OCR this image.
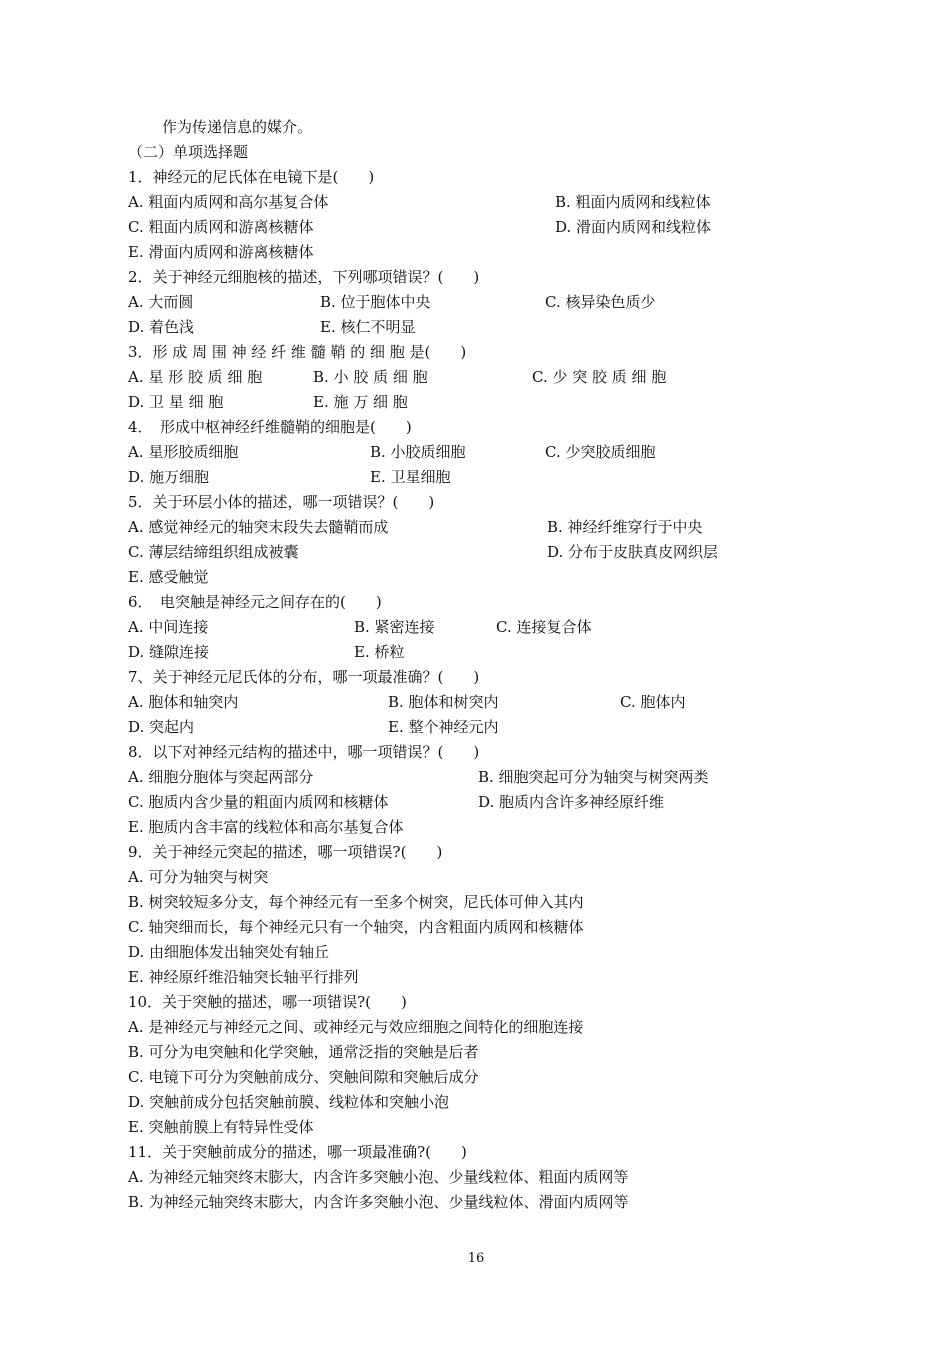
作为传递信息的媒介。
（二）单项选择题
1．神经元的尼氏体在电镜下是(　　)
A. 粗面内质网和高尔基复合体	B. 粗面内质网和线粒体
C. 粗面内质网和游离核糖体	D. 滑面内质网和线粒体
E. 滑面内质网和游离核糖体
2．关于神经元细胞核的描述，下列哪项错误？(　　)
A. 大而圆	B. 位于胞体中央	C. 核异染色质少
D. 着色浅	E. 核仁不明显
3．形 成 周 围 神 经 纤 维 髓 鞘 的 细 胞 是(　　)
A. 星 形 胶 质 细 胞	B. 小 胶 质 细 胞	C. 少 突 胶 质 细 胞
D. 卫 星 细 胞	E. 施 万 细 胞
4．　形成中枢神经纤维髓鞘的细胞是(　　)
A. 星形胶质细胞	B. 小胶质细胞	C. 少突胶质细胞
D. 施万细胞	E. 卫星细胞
5．关于环层小体的描述，哪一项错误？(　　)
A. 感觉神经元的轴突末段失去髓鞘而成	B. 神经纤维穿行于中央
C. 薄层结缔组织组成被囊	D. 分布于皮肤真皮网织层
E. 感受触觉
6．　电突触是神经元之间存在的(　　)
A. 中间连接	B. 紧密连接	C. 连接复合体
D. 缝隙连接	E. 桥粒
7、关于神经元尼氏体的分布，哪一项最准确？(　　)
A. 胞体和轴突内	B. 胞体和树突内	C. 胞体内
D. 突起内	E. 整个神经元内
8．以下对神经元结构的描述中，哪一项错误？(　　)
A. 细胞分胞体与突起两部分	B. 细胞突起可分为轴突与树突两类
C. 胞质内含少量的粗面内质网和核糖体	D. 胞质内含许多神经原纤维
E. 胞质内含丰富的线粒体和高尔基复合体
9．关于神经元突起的描述，哪一项错误?(　　)
A. 可分为轴突与树突
B. 树突较短多分支，每个神经元有一至多个树突，尼氏体可伸入其内
C. 轴突细而长，每个神经元只有一个轴突，内含粗面内质网和核糖体
D. 由细胞体发出轴突处有轴丘
E. 神经原纤维沿轴突长轴平行排列
10．关于突触的描述，哪一项错误?(　　)
A. 是神经元与神经元之间、或神经元与效应细胞之间特化的细胞连接
B. 可分为电突触和化学突触，通常泛指的突触是后者
C. 电镜下可分为突触前成分、突触间隙和突触后成分
D. 突触前成分包括突触前膜、线粒体和突触小泡
E. 突触前膜上有特异性受体
11．关于突触前成分的描述，哪一项最准确?(　　)
A. 为神经元轴突终末膨大，内含许多突触小泡、少量线粒体、粗面内质网等
B. 为神经元轴突终末膨大，内含许多突触小泡、少量线粒体、滑面内质网等
16
